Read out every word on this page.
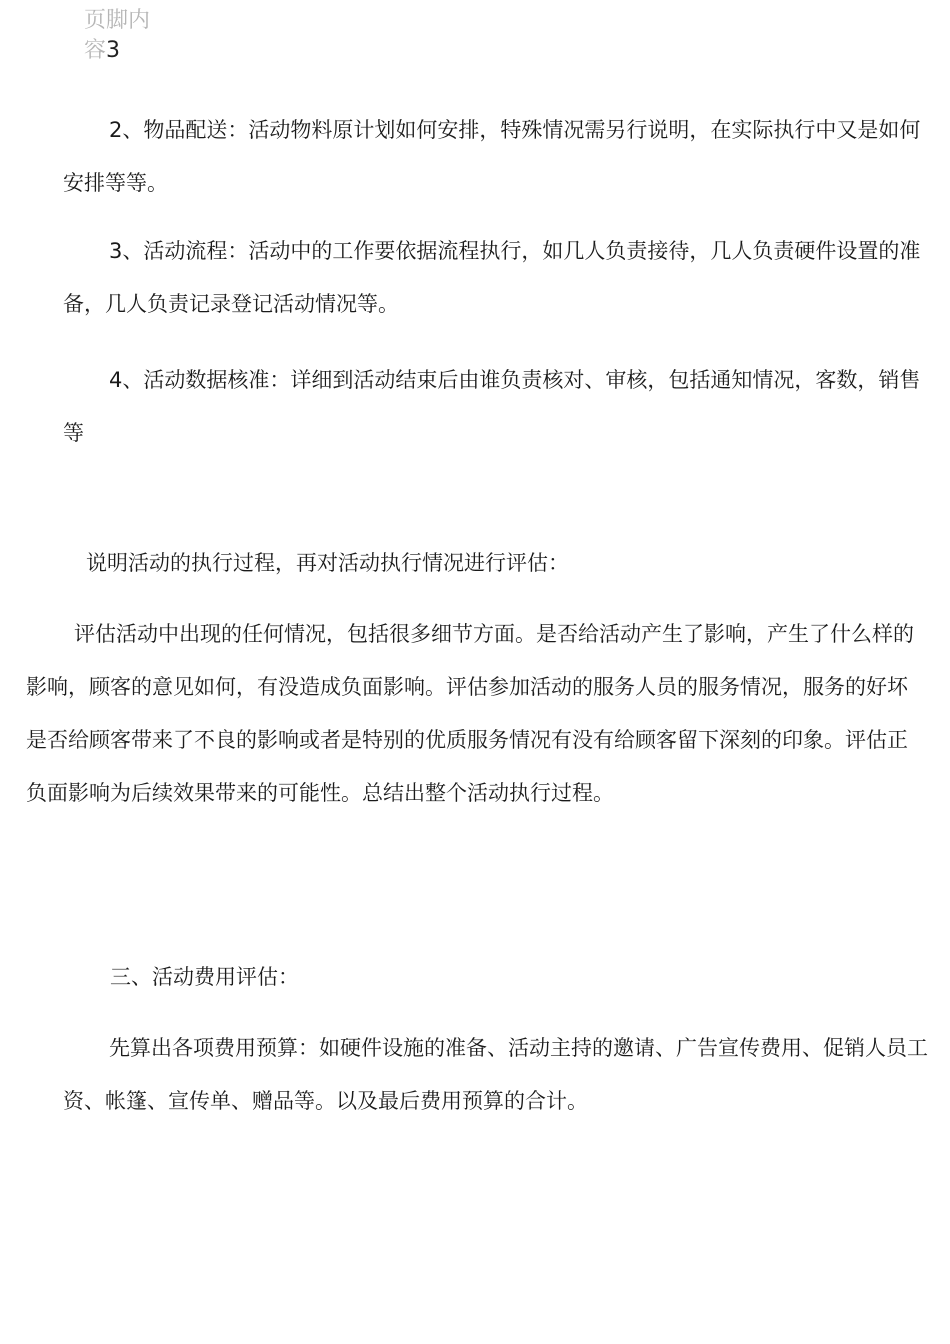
页脚内
容3

2、物品配送：活动物料原计划如何安排，特殊情况需另行说明，在实际执行中又是如何安排等等。

3、活动流程：活动中的工作要依据流程执行，如几人负责接待，几人负责硬件设置的准备，几人负责记录登记活动情况等。

4、活动数据核准：详细到活动结束后由谁负责核对、审核，包括通知情况，客数，销售等

说明活动的执行过程，再对活动执行情况进行评估：

评估活动中出现的任何情况，包括很多细节方面。是否给活动产生了影响，产生了什么样的影响，顾客的意见如何，有没造成负面影响。评估参加活动的服务人员的服务情况，服务的好坏是否给顾客带来了不良的影响或者是特别的优质服务情况有没有给顾客留下深刻的印象。评估正负面影响为后续效果带来的可能性。总结出整个活动执行过程。

三、活动费用评估：

先算出各项费用预算：如硬件设施的准备、活动主持的邀请、广告宣传费用、促销人员工资、帐篷、宣传单、赠品等。以及最后费用预算的合计。
